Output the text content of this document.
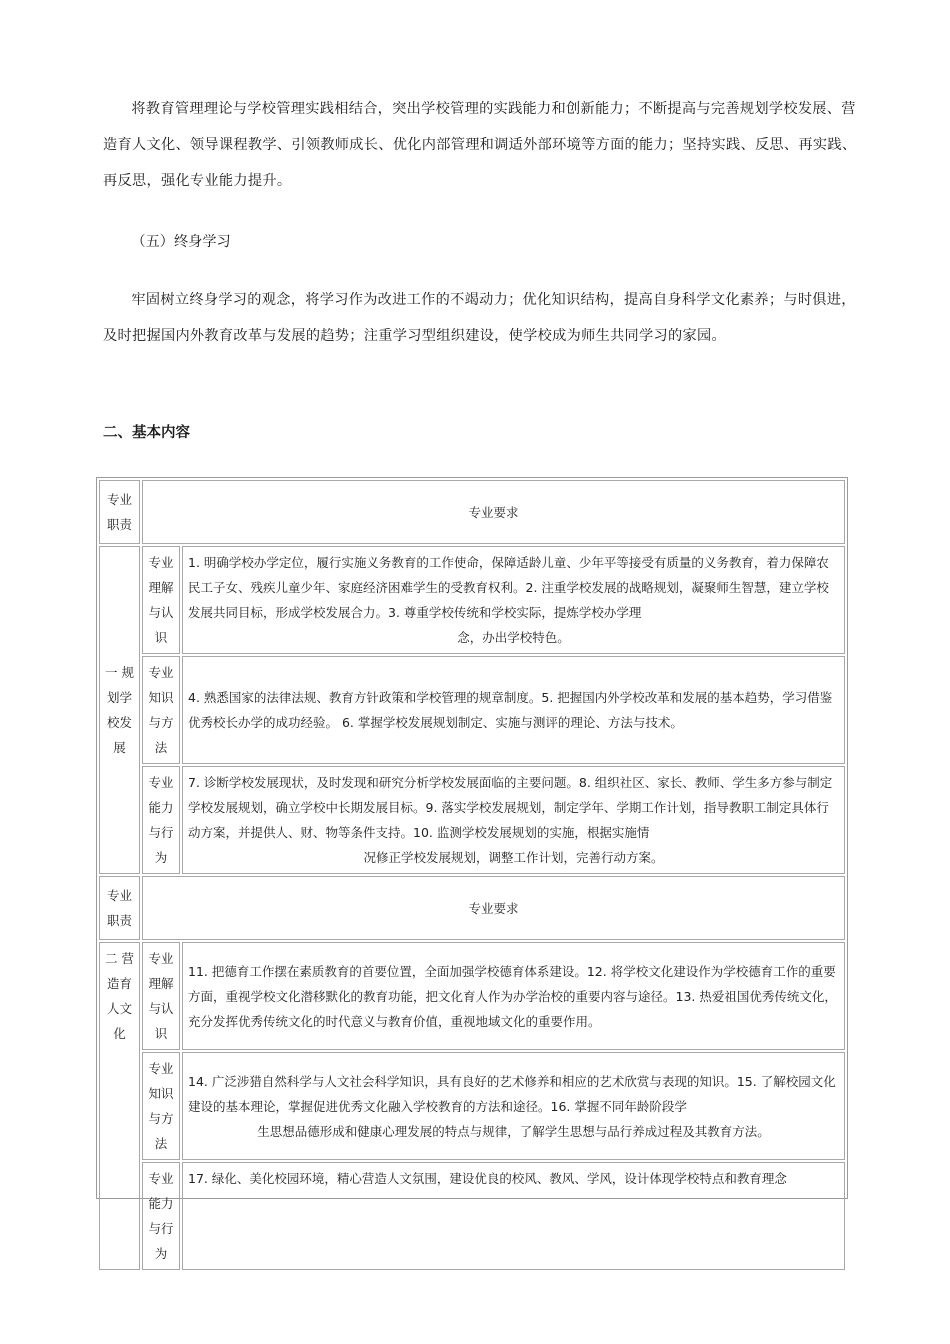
将教育管理理论与学校管理实践相结合，突出学校管理的实践能力和创新能力；不断提高与完善规划学校发展、营造育人文化、领导课程教学、引领教师成长、优化内部管理和调适外部环境等方面的能力；坚持实践、反思、再实践、再反思，强化专业能力提升。

（五）终身学习

牢固树立终身学习的观念，将学习作为改进工作的不竭动力；优化知识结构，提高自身科学文化素养；与时俱进，及时把握国内外教育改革与发展的趋势；注重学习型组织建设，使学校成为师生共同学习的家园。

二、基本内容

专业职责	专业要求	
一 规划学校发展	专业理解与认识	1. 明确学校办学定位，履行实施义务教育的工作使命，保障适龄儿童、少年平等接受有质量的义务教育，着力保障农民工子女、残疾儿童少年、家庭经济困难学生的受教育权利。2. 注重学校发展的战略规划，凝聚师生智慧，建立学校发展共同目标，形成学校发展合力。3. 尊重学校传统和学校实际，提炼学校办学理
念，办出学校特色。

	专业知识与方法	4. 熟悉国家的法律法规、教育方针政策和学校管理的规章制度。5. 把握国内外学校改革和发展的基本趋势，学习借鉴优秀校长办学的成功经验。 6. 掌握学校发展规划制定、实施与测评的理论、方法与技术。
	专业能力与行为	7. 诊断学校发展现状，及时发现和研究分析学校发展面临的主要问题。8. 组织社区、家长、教师、学生多方参与制定学校发展规划，确立学校中长期发展目标。9. 落实学校发展规划，制定学年、学期工作计划，指导教职工制定具体行动方案，并提供人、财、物等条件支持。10. 监测学校发展规划的实施，根据实施情
况修正学校发展规划，调整工作计划，完善行动方案。

专业职责	专业要求	
二 营造育人文化	专业理解与认识	11. 把德育工作摆在素质教育的首要位置，全面加强学校德育体系建设。12. 将学校文化建设作为学校德育工作的重要方面，重视学校文化潜移默化的教育功能，把文化育人作为办学治校的重要内容与途径。13. 热爱祖国优秀传统文化，充分发挥优秀传统文化的时代意义与教育价值，重视地域文化的重要作用。
	专业知识与方法	14. 广泛涉猎自然科学与人文社会科学知识，具有良好的艺术修养和相应的艺术欣赏与表现的知识。15. 了解校园文化建设的基本理论，掌握促进优秀文化融入学校教育的方法和途径。16. 掌握不同年龄阶段学
生思想品德形成和健康心理发展的特点与规律，了解学生思想与品行养成过程及其教育方法。

	专业能力与行为	17. 绿化、美化校园环境，精心营造人文氛围，建设优良的校风、教风、学风，设计体现学校特点和教育理念
